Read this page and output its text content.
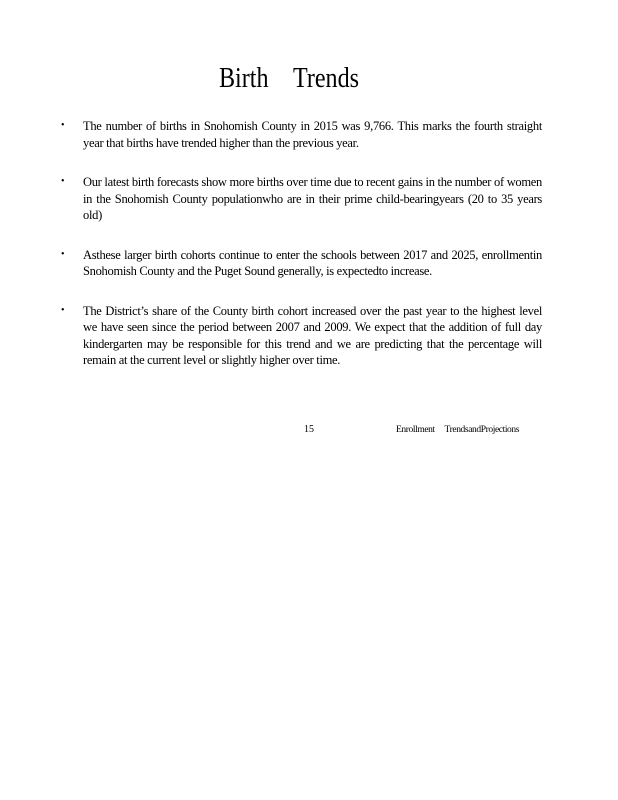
Birth Trends
• The number of births in Snohomish County in 2015 was 9,766. This marks the fourth straight year that births have trended higher than the previous year.
• Our latest birth forecasts show more births over time due to recent gains in the number of women in the Snohomish County populationwho are in their prime child-bearingyears (20 to 35 years old)
• Asthese larger birth cohorts continue to enter the schools between 2017 and 2025, enrollmentin Snohomish County and the Puget Sound generally, is expectedto increase.
• The District’s share of the County birth cohort increased over the past year to the highest level we have seen since the period between 2007 and 2009. We expect that the addition of full day kindergarten may be responsible for this trend and we are predicting that the percentage will remain at the current level or slightly higher over time.
15	Enrollment TrendsandProjections
